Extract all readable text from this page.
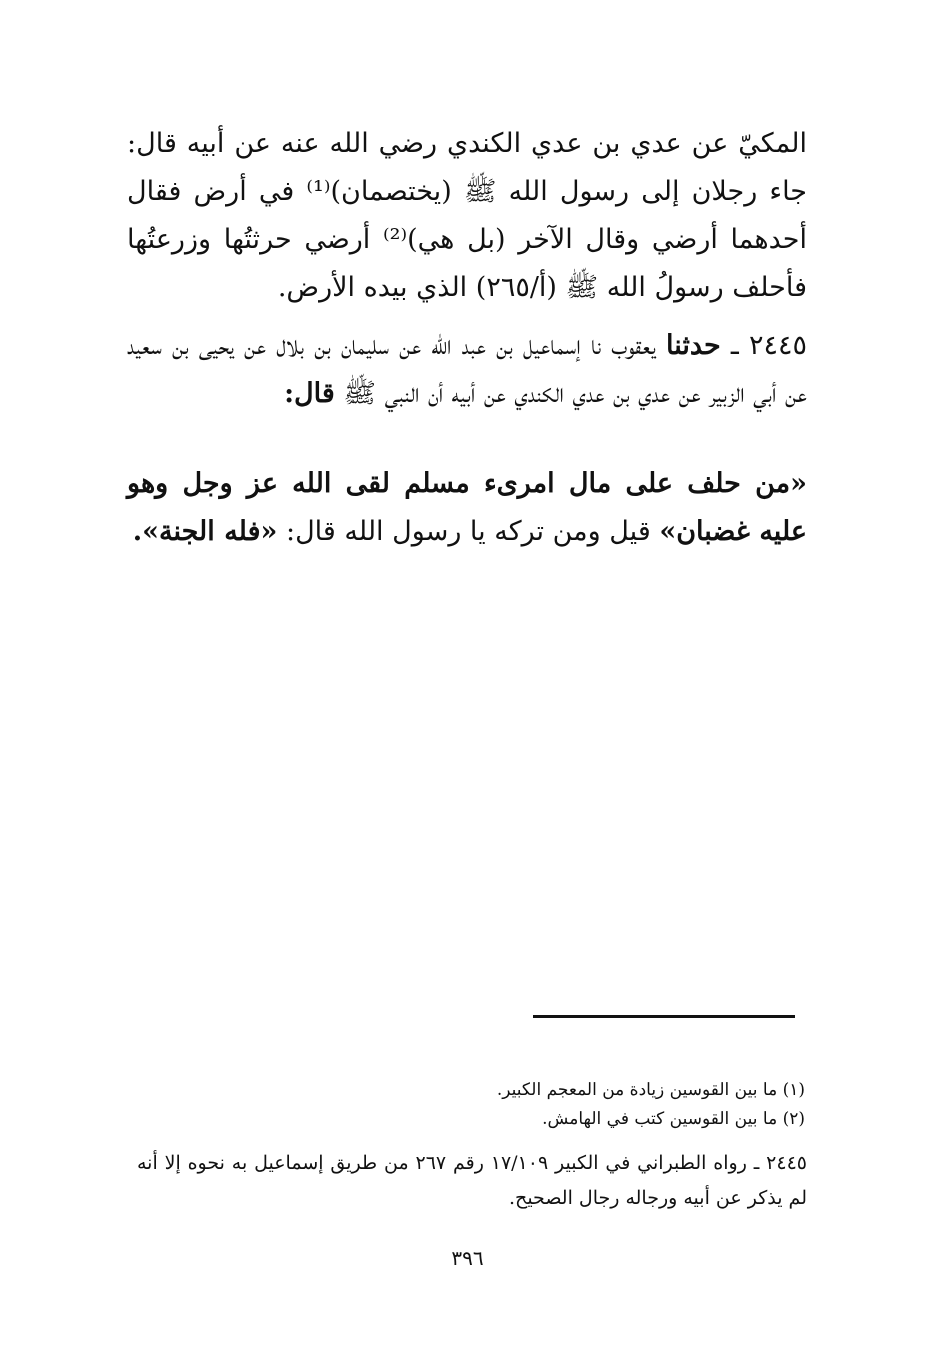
المكيّ عن عدي بن عدي الكندي رضي الله عنه عن أبيه قال: جاء رجلان إلى رسول الله ﷺ (يختصمان)⁽¹⁾ في أرض فقال أحدهما أرضي وقال الآخر (بل هي)⁽²⁾ أرضي حرثتُها وزرعتُها فأحلف رسولُ الله ﷺ (أ/٢٦٥) الذي بيده الأرض.

٢٤٤٥ ـ حدثنا يعقوب نا إسماعيل بن عبد الله عن سليمان بن بلال عن يحيى بن سعيد عن أبي الزبير عن عدي بن عدي الكندي عن أبيه أن النبي ﷺ قال:

«من حلف على مال امرىء مسلم لقى الله عز وجل وهو عليه غضبان» قيل ومن تركه يا رسول الله قال: «فله الجنة».

(١) ما بين القوسين زيادة من المعجم الكبير.

(٢) ما بين القوسين كتب في الهامش.

٢٤٤٥ ـ رواه الطبراني في الكبير ١٧/١٠٩ رقم ٢٦٧ من طريق إسماعيل به نحوه إلا أنه لم يذكر عن أبيه ورجاله رجال الصحيح.

٣٩٦
